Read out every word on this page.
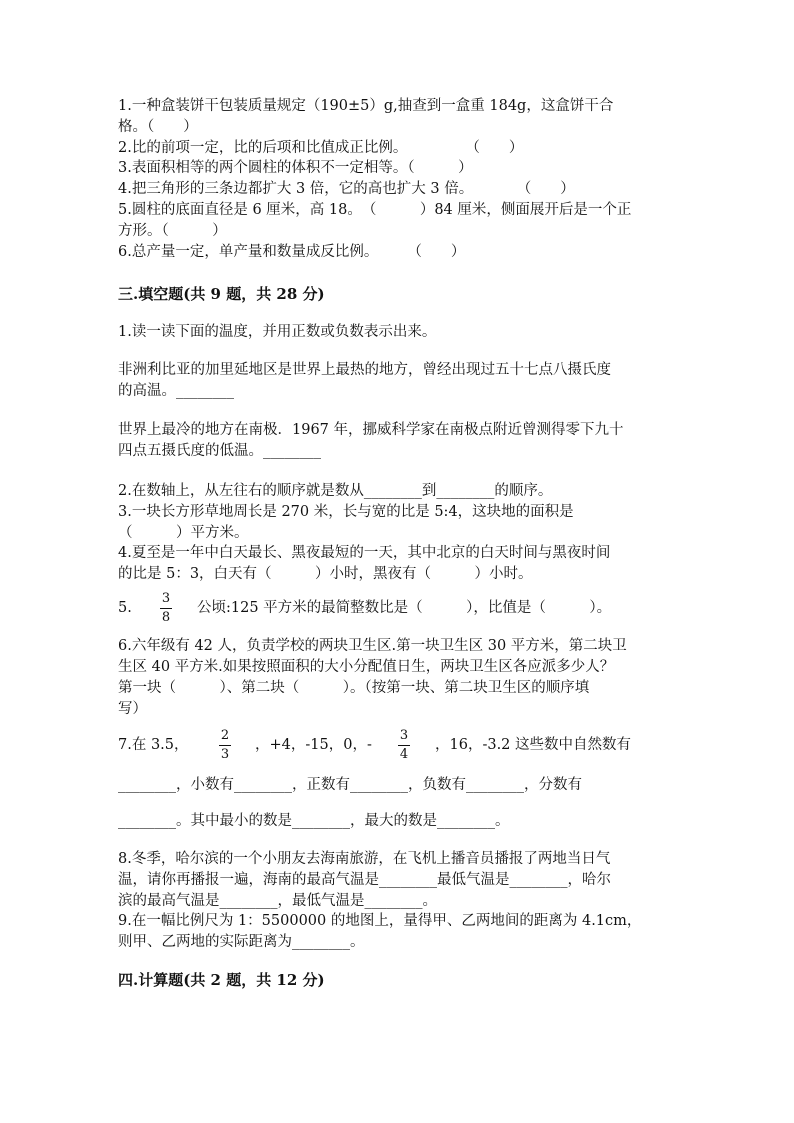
1.一种盒装饼干包装质量规定（190±5）g,抽查到一盒重 184g，这盒饼干合
格。（　　）
2.比的前项一定，比的后项和比值成正比例。　　　　　（　　）
3.表面积相等的两个圆柱的体积不一定相等。（　　　）
4.把三角形的三条边都扩大 3 倍，它的高也扩大 3 倍。　　　　（　　）
5.圆柱的底面直径是 6 厘米，高 18。　（　　　）84 厘米，侧面展开后是一个正
方形。（　　　）
6.总产量一定，单产量和数量成反比例。　　　（　　）
三.填空题(共 9 题，共 28 分)
1.读一读下面的温度，并用正数或负数表示出来。
非洲利比亚的加里延地区是世界上最热的地方，曾经出现过五十七点八摄氏度
的高温。________
世界上最冷的地方在南极．1967 年，挪威科学家在南极点附近曾测得零下九十
四点五摄氏度的低温。________
2.在数轴上，从左往右的顺序就是数从________到________的顺序。
3.一块长方形草地周长是 270 米，长与宽的比是 5:4，这块地的面积是
（　　　）平方米。
4.夏至是一年中白天最长、黑夜最短的一天，其中北京的白天时间与黑夜时间
的比是 5：3，白天有（　　　）小时，黑夜有（　　　）小时。
5.
3
8
公顷:125 平方米的最简整数比是（　　　），比值是（　　　）。
6.六年级有 42 人，负责学校的两块卫生区.第一块卫生区 30 平方米，第二块卫
生区 40 平方米.如果按照面积的大小分配值日生，两块卫生区各应派多少人？
第一块（　　　）、第二块（　　　）。（按第一块、第二块卫生区的顺序填
写）
7.在 3.5，
2
3
，+4，-15，0，-
3
4
，16，-3.2 这些数中自然数有
________，小数有________，正数有________，负数有________，分数有
________。其中最小的数是________，最大的数是________。
8.冬季，哈尔滨的一个小朋友去海南旅游，在飞机上播音员播报了两地当日气
温，请你再播报一遍，海南的最高气温是________最低气温是________，哈尔
滨的最高气温是________，最低气温是________。
9.在一幅比例尺为 1：5500000 的地图上，量得甲、乙两地间的距离为 4.1cm，
则甲、乙两地的实际距离为________。
四.计算题(共 2 题，共 12 分)
